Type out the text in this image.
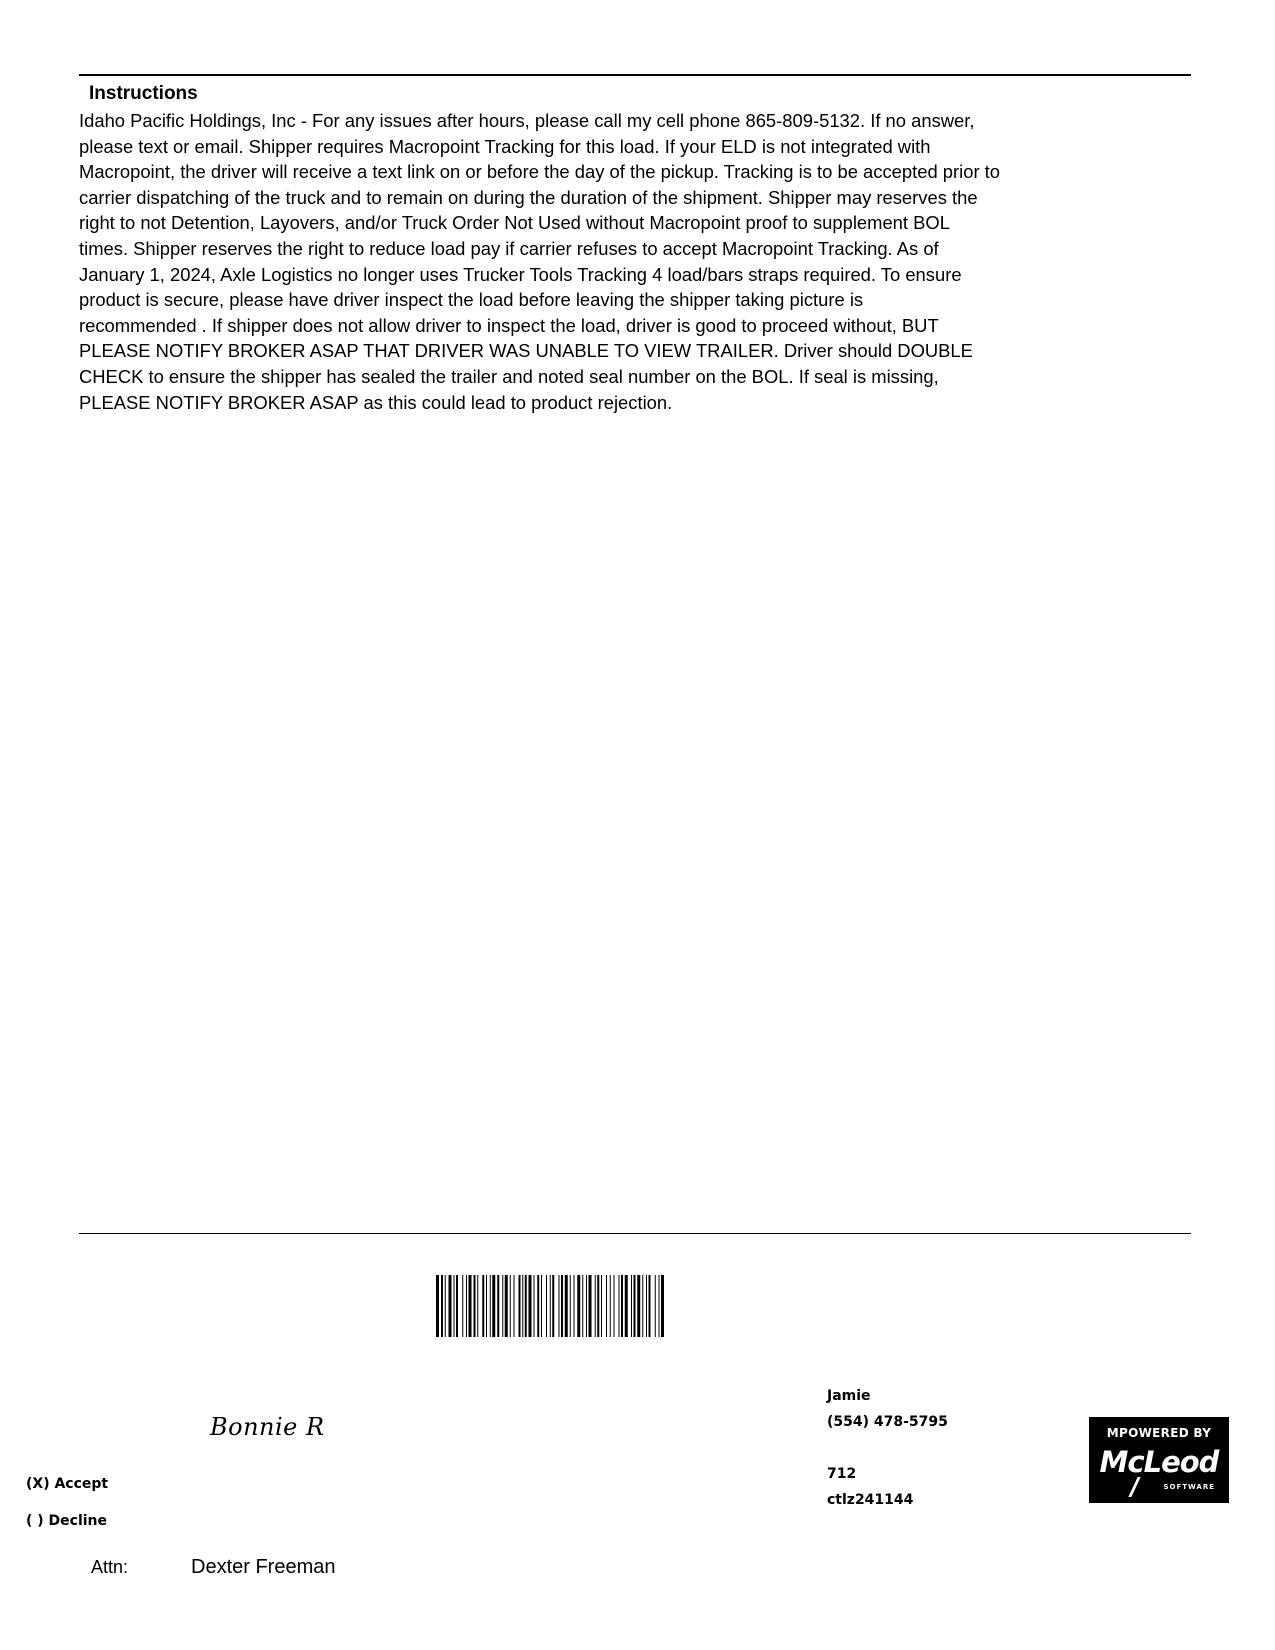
Instructions
Idaho Pacific Holdings, Inc - For any issues after hours, please call my cell phone 865-809-5132. If no answer,
please text or email. Shipper requires Macropoint Tracking for this load. If your ELD is not integrated with
Macropoint, the driver will receive a text link on or before the day of the pickup. Tracking is to be accepted prior to
carrier dispatching of the truck and to remain on during the duration of the shipment. Shipper may reserves the
right to not Detention, Layovers, and/or Truck Order Not Used without Macropoint proof to supplement BOL
times. Shipper reserves the right to reduce load pay if carrier refuses to accept Macropoint Tracking. As of
January 1, 2024, Axle Logistics no longer uses Trucker Tools Tracking 4 load/bars straps required. To ensure
product is secure, please have driver inspect the load before leaving the shipper taking picture is
recommended . If shipper does not allow driver to inspect the load, driver is good to proceed without, BUT
PLEASE NOTIFY BROKER ASAP THAT DRIVER WAS UNABLE TO VIEW TRAILER. Driver should DOUBLE
CHECK to ensure the shipper has sealed the trailer and noted seal number on the BOL. If seal is missing,
PLEASE NOTIFY BROKER ASAP as this could lead to product rejection.
Bonnie R
(X) Accept
( ) Decline
Attn:	Dexter Freeman
Jamie
(554) 478-5795
712
ctlz241144
MPOWERED BY
McLeod
SOFTWARE
